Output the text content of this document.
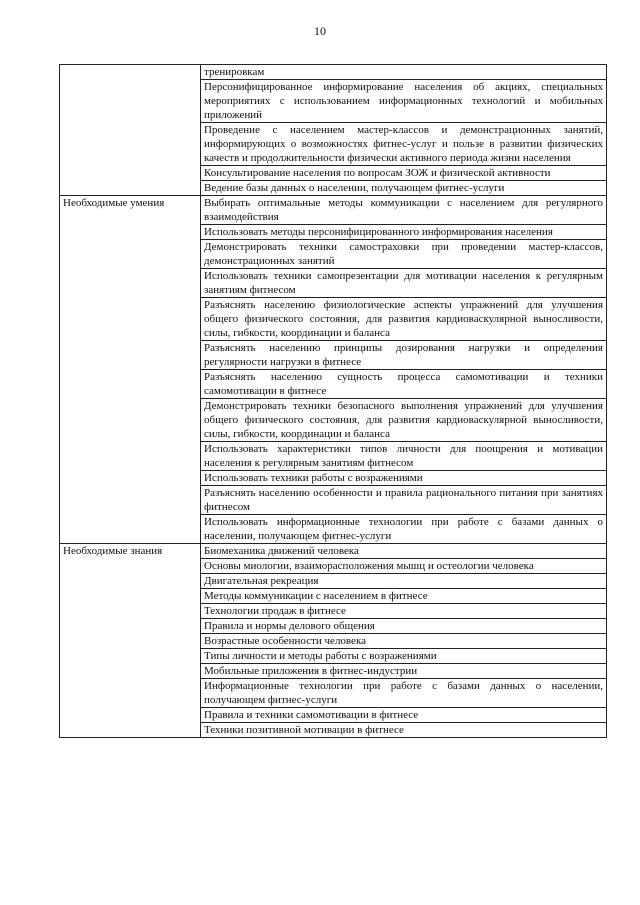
10
	тренировкам
	Персонифицированное информирование населения об акциях, специальных мероприятиях с использованием информационных технологий и мобильных приложений
	Проведение с населением мастер-классов и демонстрационных занятий, информирующих о возможностях фитнес-услуг и пользе в развитии физических качеств и продолжительности физически активного периода жизни населения
	Консультирование населения по вопросам ЗОЖ и физической активности
	Ведение базы данных о населении, получающем фитнес-услуги
Необходимые умения	Выбирать оптимальные методы коммуникации с населением для регулярного взаимодействия
	Использовать методы персонифицированного информирования населения
	Демонстрировать техники самостраховки при проведении мастер-классов, демонстрационных занятий
	Использовать техники самопрезентации для мотивации населения к регулярным занятиям фитнесом
	Разъяснять населению физиологические аспекты упражнений для улучшения общего физического состояния, для развития кардиоваскулярной выносливости, силы, гибкости, координации и баланса
	Разъяснять населению принципы дозирования нагрузки и определения регулярности нагрузки в фитнесе
	Разъяснять населению сущность процесса самомотивации и техники самомотивации в фитнесе
	Демонстрировать техники безопасного выполнения упражнений для улучшения общего физического состояния, для развития кардиоваскулярной выносливости, силы, гибкости, координации и баланса
	Использовать характеристики типов личности для поощрения и мотивации населения к регулярным занятиям фитнесом
	Использовать техники работы с возражениями
	Разъяснять населению особенности и правила рационального питания при занятиях фитнесом
	Использовать информационные технологии при работе с базами данных о населении, получающем фитнес-услуги
Необходимые знания	Биомеханика движений человека
	Основы миологии, взаиморасположения мышц и остеологии человека
	Двигательная рекреация
	Методы коммуникации с населением в фитнесе
	Технологии продаж в фитнесе
	Правила и нормы делового общения
	Возрастные особенности человека
	Типы личности и методы работы с возражениями
	Мобильные приложения в фитнес-индустрии
	Информационные технологии при работе с базами данных о населении, получающем фитнес-услуги
	Правила и техники самомотивации в фитнесе
	Техники позитивной мотивации в фитнесе
